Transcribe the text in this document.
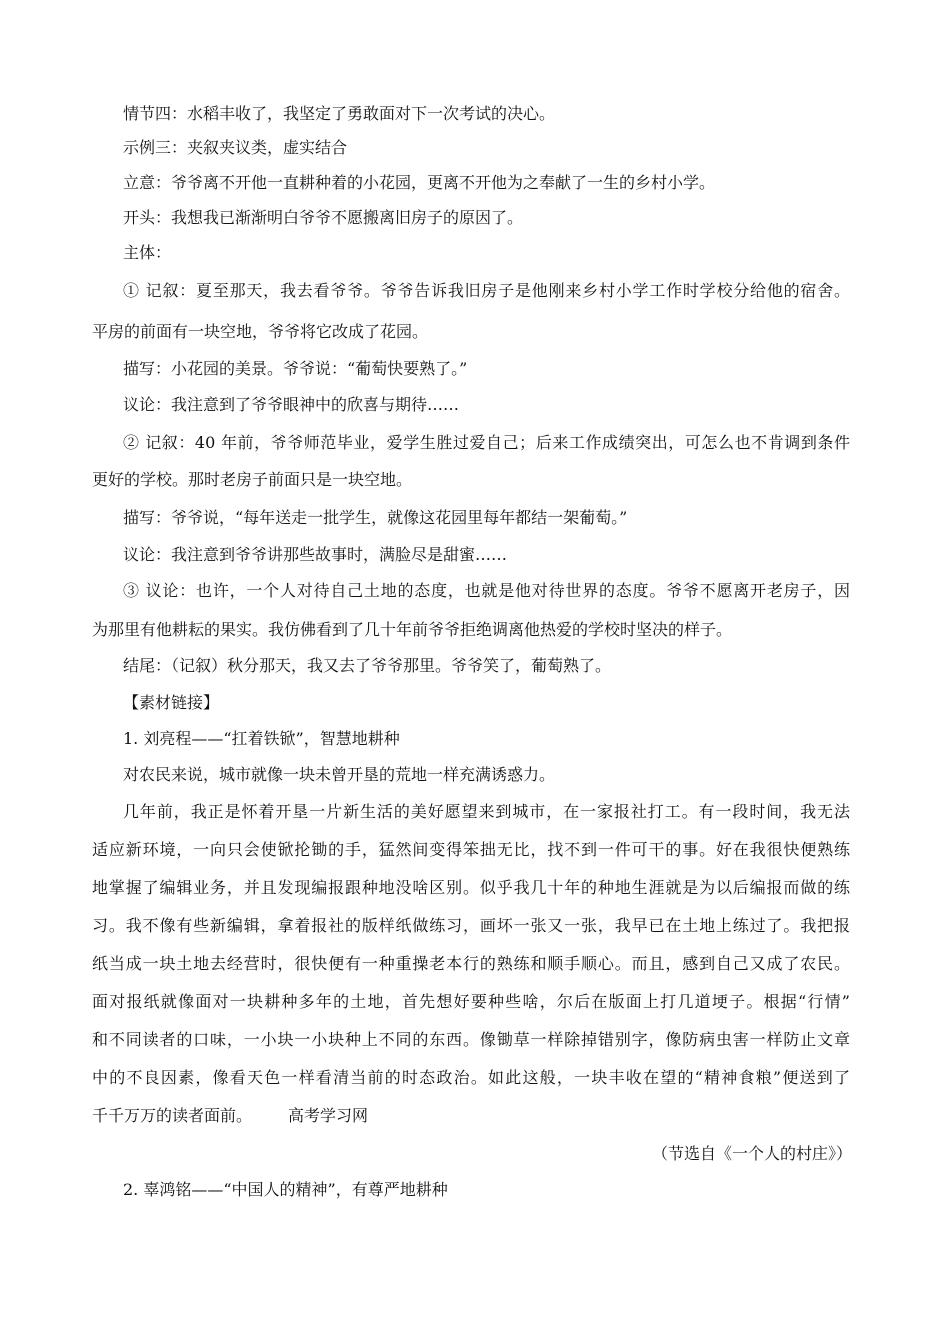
情节四：水稻丰收了，我坚定了勇敢面对下一次考试的决心。
示例三：夹叙夹议类，虚实结合
立意：爷爷离不开他一直耕种着的小花园，更离不开他为之奉献了一生的乡村小学。
开头：我想我已渐渐明白爷爷不愿搬离旧房子的原因了。
主体：
① 记叙：夏至那天，我去看爷爷。爷爷告诉我旧房子是他刚来乡村小学工作时学校分给他的宿舍。
平房的前面有一块空地，爷爷将它改成了花园。
描写：小花园的美景。爷爷说：“葡萄快要熟了。”
议论：我注意到了爷爷眼神中的欣喜与期待……
② 记叙：40 年前，爷爷师范毕业，爱学生胜过爱自己；后来工作成绩突出，可怎么也不肯调到条件
更好的学校。那时老房子前面只是一块空地。
描写：爷爷说，“每年送走一批学生，就像这花园里每年都结一架葡萄。”
议论：我注意到爷爷讲那些故事时，满脸尽是甜蜜……
③ 议论：也许，一个人对待自己土地的态度，也就是他对待世界的态度。爷爷不愿离开老房子，因
为那里有他耕耘的果实。我仿佛看到了几十年前爷爷拒绝调离他热爱的学校时坚决的样子。
结尾：（记叙）秋分那天，我又去了爷爷那里。爷爷笑了，葡萄熟了。
【素材链接】
1. 刘亮程——“扛着铁锨”，智慧地耕种
对农民来说，城市就像一块未曾开垦的荒地一样充满诱惑力。
几年前，我正是怀着开垦一片新生活的美好愿望来到城市，在一家报社打工。有一段时间，我无法
适应新环境，一向只会使锨抡锄的手，猛然间变得笨拙无比，找不到一件可干的事。好在我很快便熟练
地掌握了编辑业务，并且发现编报跟种地没啥区别。似乎我几十年的种地生涯就是为以后编报而做的练
习。我不像有些新编辑，拿着报社的版样纸做练习，画坏一张又一张，我早已在土地上练过了。我把报
纸当成一块土地去经营时，很快便有一种重操老本行的熟练和顺手顺心。而且，感到自己又成了农民。
面对报纸就像面对一块耕种多年的土地，首先想好要种些啥，尔后在版面上打几道埂子。根据“行情”
和不同读者的口味，一小块一小块种上不同的东西。像锄草一样除掉错别字，像防病虫害一样防止文章
中的不良因素，像看天色一样看清当前的时态政治。如此这般，一块丰收在望的“精神食粮”便送到了
千千万万的读者面前。 高考学习网
（节选自《一个人的村庄》）
2. 辜鸿铭——“中国人的精神”，有尊严地耕种
